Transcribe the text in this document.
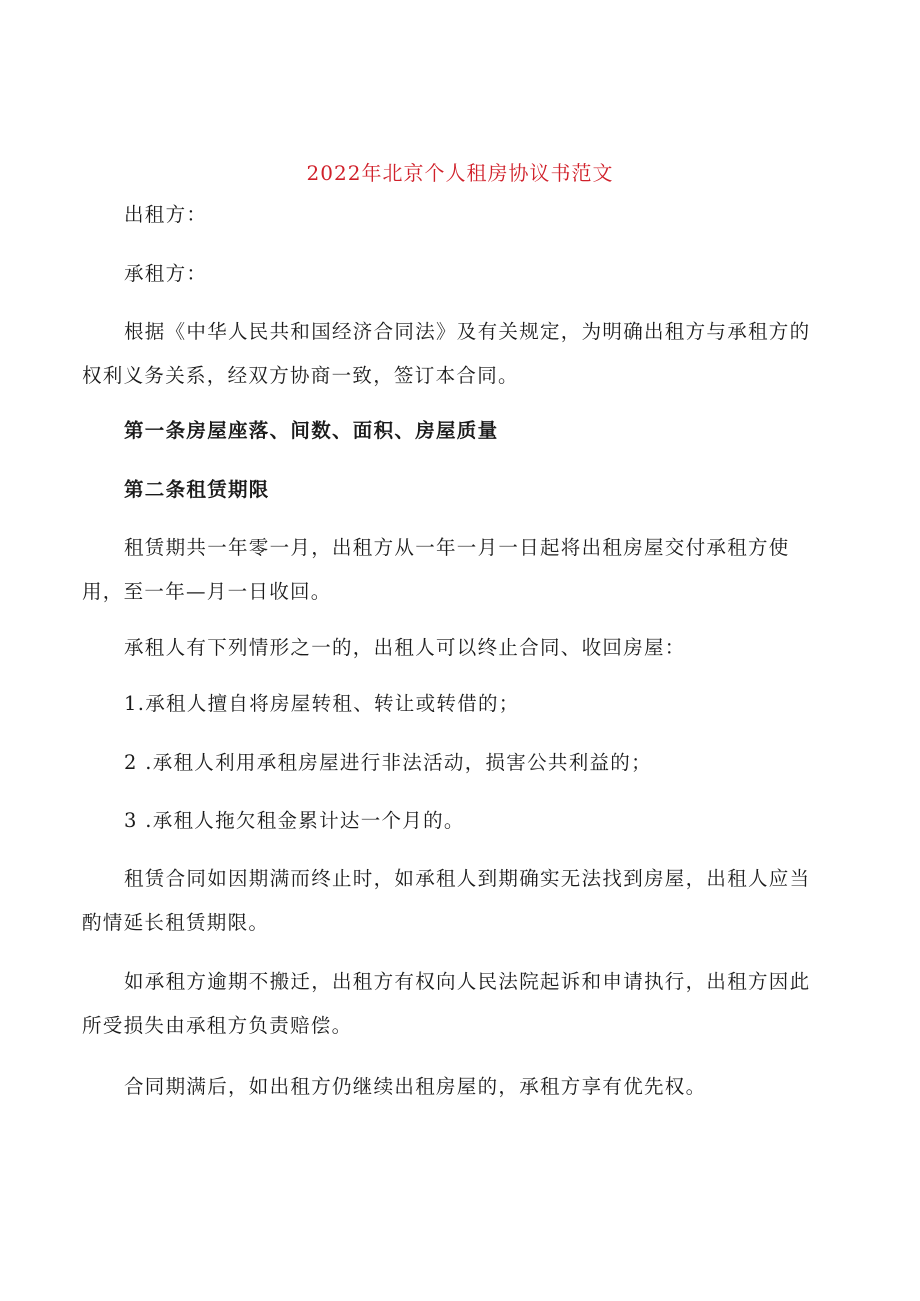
2022年北京个人租房协议书范文
出租方：
承租方：
根据《中华人民共和国经济合同法》及有关规定，为明确出租方与承租方的权利义务关系，经双方协商一致，签订本合同。
第一条房屋座落、间数、面积、房屋质量
第二条租赁期限
租赁期共一年零一月，出租方从一年一月一日起将出租房屋交付承租方使用，至一年—月一日收回。
承租人有下列情形之一的，出租人可以终止合同、收回房屋：
1.承租人擅自将房屋转租、转让或转借的；
2 .承租人利用承租房屋进行非法活动，损害公共利益的；
3 .承租人拖欠租金累计达一个月的。
租赁合同如因期满而终止时，如承租人到期确实无法找到房屋，出租人应当酌情延长租赁期限。
如承租方逾期不搬迁，出租方有权向人民法院起诉和申请执行，出租方因此所受损失由承租方负责赔偿。
合同期满后，如出租方仍继续出租房屋的，承租方享有优先权。
